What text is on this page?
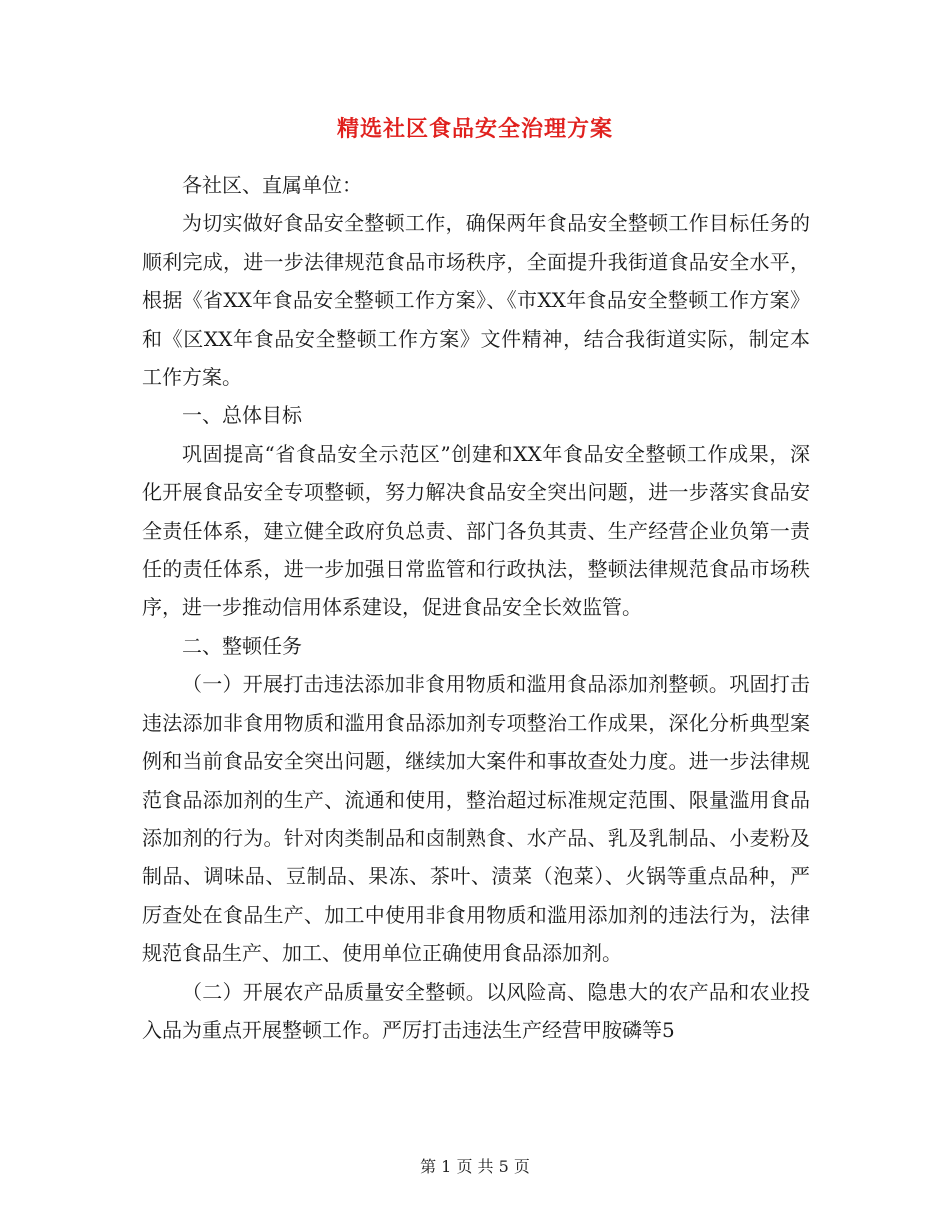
精选社区食品安全治理方案

各社区、直属单位：

为切实做好食品安全整顿工作，确保两年食品安全整顿工作目标任务的顺利完成，进一步法律规范食品市场秩序，全面提升我街道食品安全水平，根据《省XX年食品安全整顿工作方案》、《市XX年食品安全整顿工作方案》和《区XX年食品安全整顿工作方案》文件精神，结合我街道实际，制定本工作方案。

一、总体目标

巩固提高“省食品安全示范区”创建和XX年食品安全整顿工作成果，深化开展食品安全专项整顿，努力解决食品安全突出问题，进一步落实食品安全责任体系，建立健全政府负总责、部门各负其责、生产经营企业负第一责任的责任体系，进一步加强日常监管和行政执法，整顿法律规范食品市场秩序，进一步推动信用体系建设，促进食品安全长效监管。

二、整顿任务

（一）开展打击违法添加非食用物质和滥用食品添加剂整顿。巩固打击违法添加非食用物质和滥用食品添加剂专项整治工作成果，深化分析典型案例和当前食品安全突出问题，继续加大案件和事故查处力度。进一步法律规范食品添加剂的生产、流通和使用，整治超过标准规定范围、限量滥用食品添加剂的行为。针对肉类制品和卤制熟食、水产品、乳及乳制品、小麦粉及制品、调味品、豆制品、果冻、茶叶、渍菜（泡菜）、火锅等重点品种，严厉查处在食品生产、加工中使用非食用物质和滥用添加剂的违法行为，法律规范食品生产、加工、使用单位正确使用食品添加剂。

（二）开展农产品质量安全整顿。以风险高、隐患大的农产品和农业投入品为重点开展整顿工作。严厉打击违法生产经营甲胺磷等5

第 1 页 共 5 页
